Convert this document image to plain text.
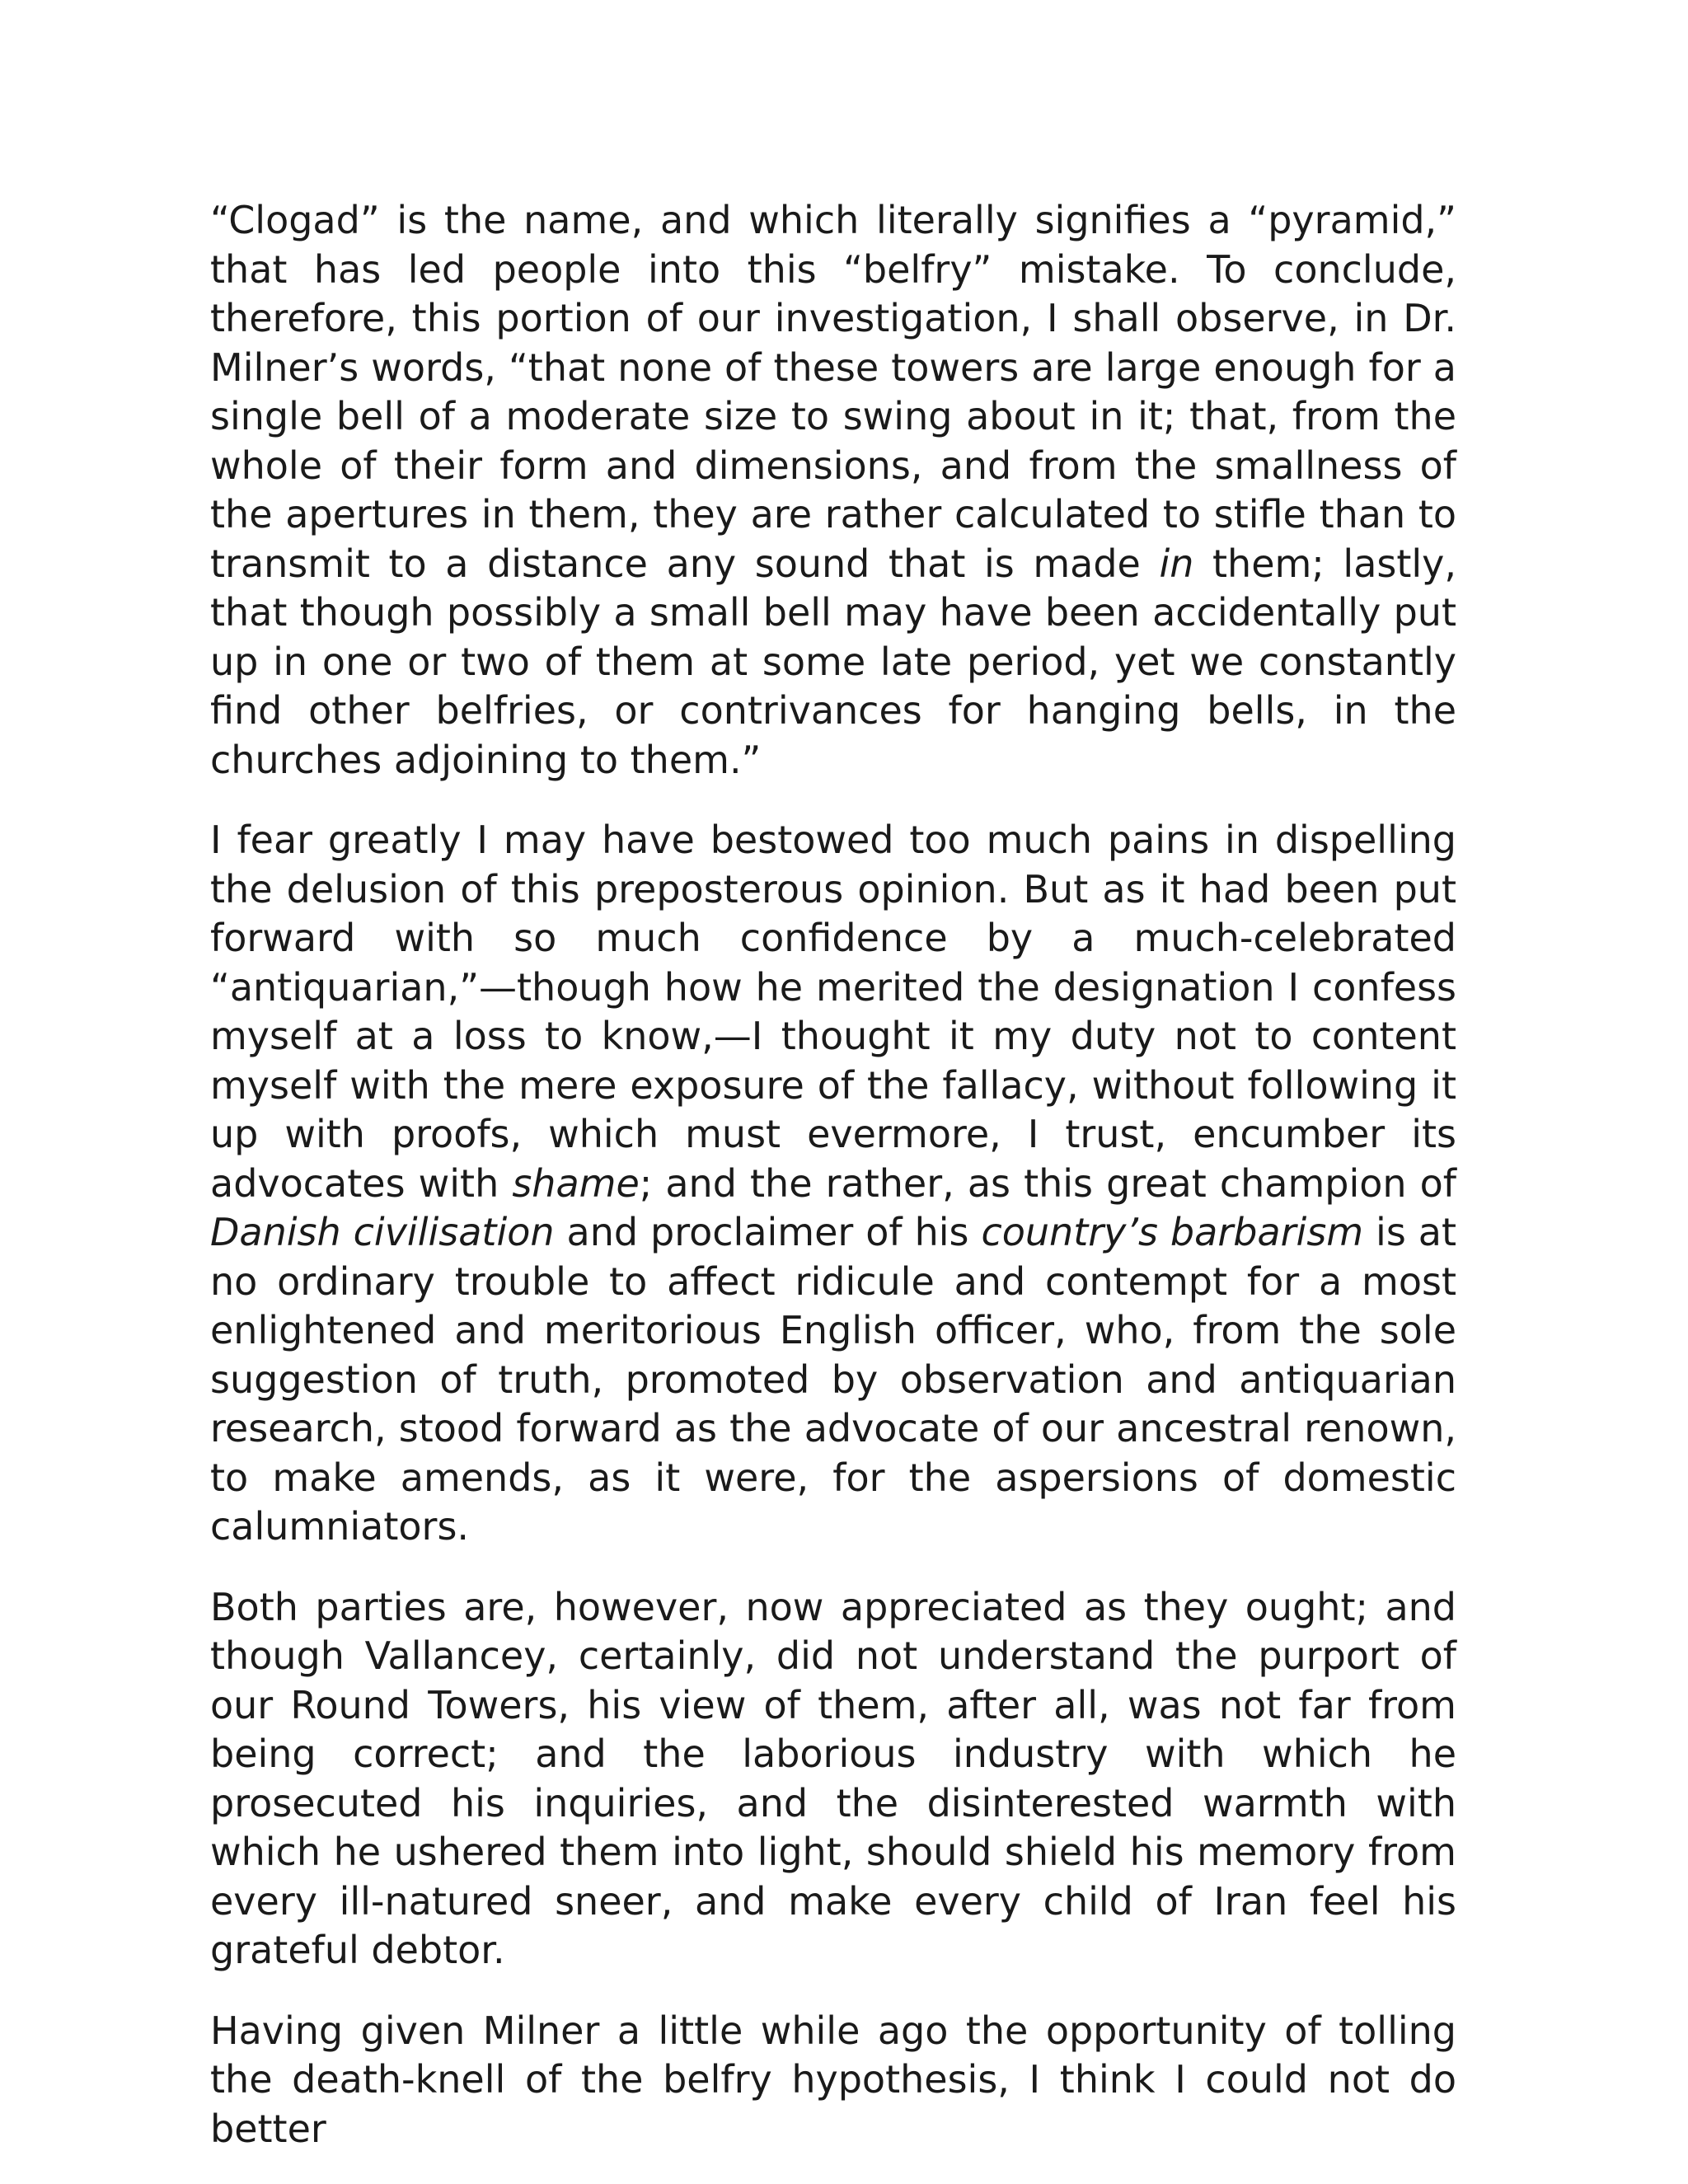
“Clogad” is the name, and which literally signifies a “pyramid,” that has led people into this “belfry” mistake. To conclude, therefore, this portion of our investigation, I shall observe, in Dr. Milner’s words, “that none of these towers are large enough for a single bell of a moderate size to swing about in it; that, from the whole of their form and dimensions, and from the smallness of the apertures in them, they are rather calculated to stifle than to transmit to a distance any sound that is made in them; lastly, that though possibly a small bell may have been accidentally put up in one or two of them at some late period, yet we constantly find other belfries, or contrivances for hanging bells, in the churches adjoining to them.”

I fear greatly I may have bestowed too much pains in dispelling the delusion of this preposterous opinion. But as it had been put forward with so much confidence by a much-celebrated “antiquarian,”—though how he merited the designation I confess myself at a loss to know,—I thought it my duty not to content myself with the mere exposure of the fallacy, without following it up with proofs, which must evermore, I trust, encumber its advocates with shame; and the rather, as this great champion of Danish civilisation and proclaimer of his country’s barbarism is at no ordinary trouble to affect ridicule and contempt for a most enlightened and meritorious English officer, who, from the sole suggestion of truth, promoted by observation and antiquarian research, stood forward as the advocate of our ancestral renown, to make amends, as it were, for the aspersions of domestic calumniators.

Both parties are, however, now appreciated as they ought; and though Vallancey, certainly, did not understand the purport of our Round Towers, his view of them, after all, was not far from being correct; and the laborious industry with which he prosecuted his inquiries, and the disinterested warmth with which he ushered them into light, should shield his memory from every ill-natured sneer, and make every child of Iran feel his grateful debtor.

Having given Milner a little while ago the opportunity of tolling the death-knell of the belfry hypothesis, I think I could not do better
